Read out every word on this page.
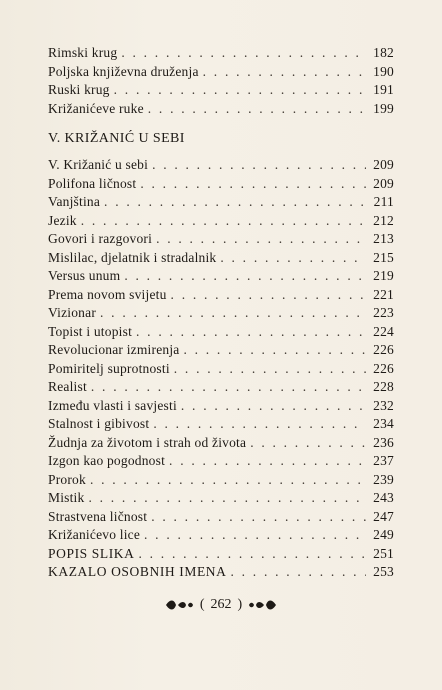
Rimski krug . . .	182
Poljska književna druženja . . .	190
Ruski krug . . .	191
Križanićeve ruke . . .	199
V. KRIŽANIĆ U SEBI
V. Križanić u sebi . . .	209
Polifona ličnost . . .	209
Vanjština . . .	211
Jezik . . .	212
Govori i razgovori . . .	213
Mislilac, djelatnik i stradalnik . . .	215
Versus unum . . .	219
Prema novom svijetu . . .	221
Vizionar . . .	223
Topist i utopist . . .	224
Revolucionar izmirenja . . .	226
Pomiritelj suprotnosti . . .	226
Realist . . .	228
Između vlasti i savjesti . . .	232
Stalnost i gibivost . . .	234
Žudnja za životom i strah od života . . .	236
Izgon kao pogodnost . . .	237
Prorok . . .	239
Mistik . . .	243
Strastvena ličnost . . .	247
Križanićevo lice . . .	249
POPIS SLIKA . . .	251
KAZALO OSOBNIH IMENA . . .	253
( 262 )
